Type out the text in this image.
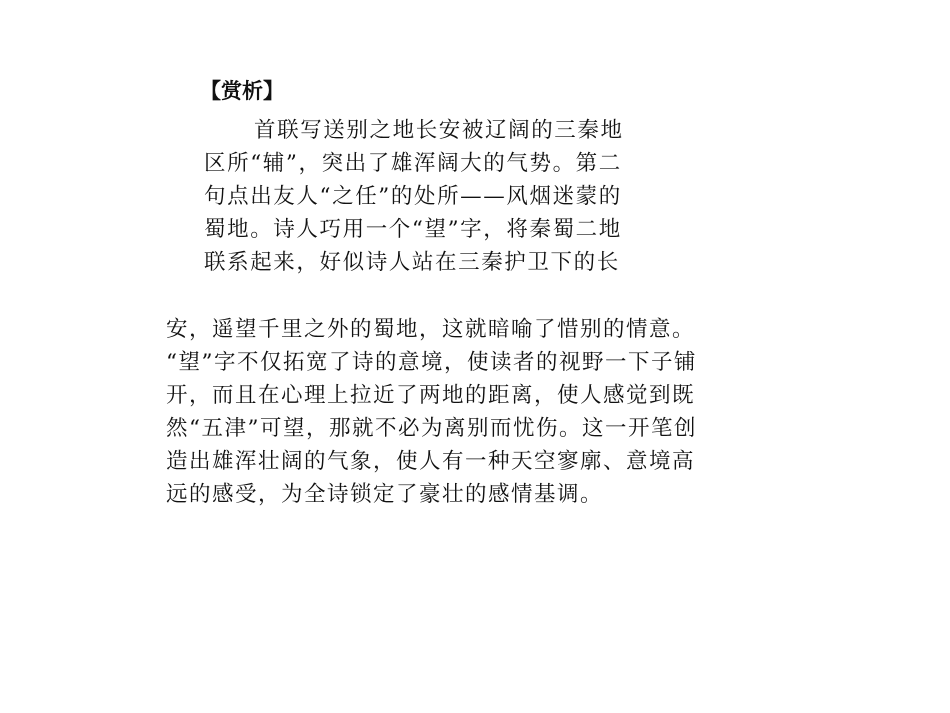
【赏析】
首联写送别之地长安被辽阔的三秦地
区所“辅”，突出了雄浑阔大的气势。第二
句点出友人“之任”的处所——风烟迷蒙的
蜀地。诗人巧用一个“望”字，将秦蜀二地
联系起来，好似诗人站在三秦护卫下的长
安，遥望千里之外的蜀地，这就暗喻了惜别的情意。
“望”字不仅拓宽了诗的意境，使读者的视野一下子铺
开，而且在心理上拉近了两地的距离，使人感觉到既
然“五津”可望，那就不必为离别而忧伤。这一开笔创
造出雄浑壮阔的气象，使人有一种天空寥廓、意境高
远的感受，为全诗锁定了豪壮的感情基调。
